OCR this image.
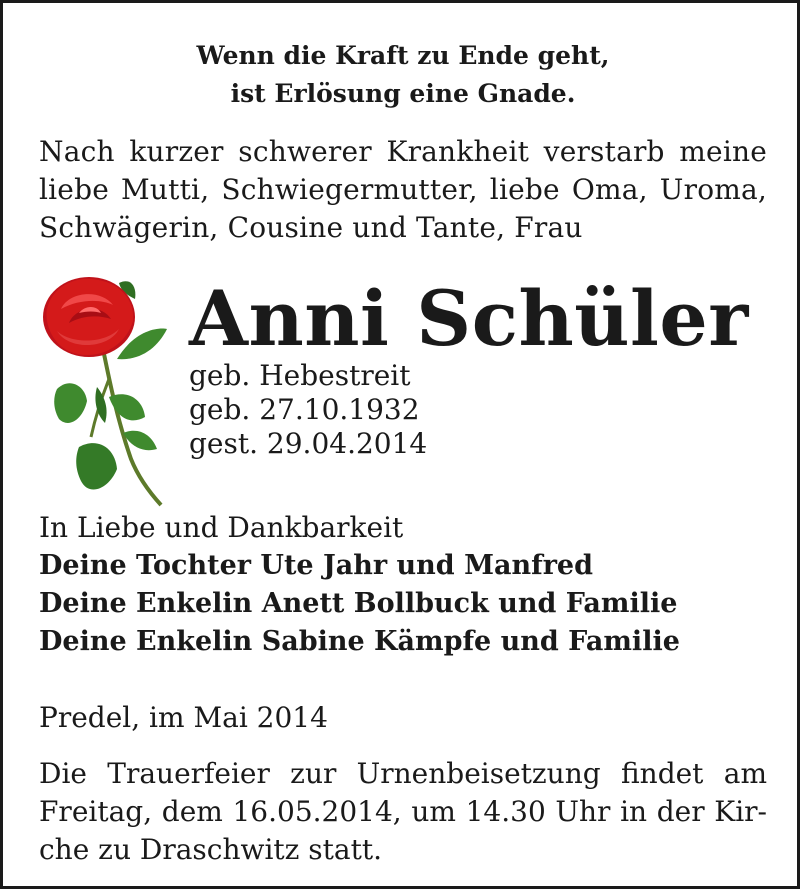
Wenn die Kraft zu Ende geht,
ist Erlösung eine Gnade.
Nach kurzer schwerer Krankheit verstarb meine
liebe Mutti, Schwiegermutter, liebe Oma, Uroma,
Schwägerin, Cousine und Tante, Frau
Anni Schüler
geb. Hebestreit
geb. 27.10.1932
gest. 29.04.2014
In Liebe und Dankbarkeit
Deine Tochter Ute Jahr und Manfred
Deine Enkelin Anett Bollbuck und Familie
Deine Enkelin Sabine Kämpfe und Familie
Predel, im Mai 2014
Die Trauerfeier zur Urnenbeisetzung findet am
Freitag, dem 16.05.2014, um 14.30 Uhr in der Kir-
che zu Draschwitz statt.
